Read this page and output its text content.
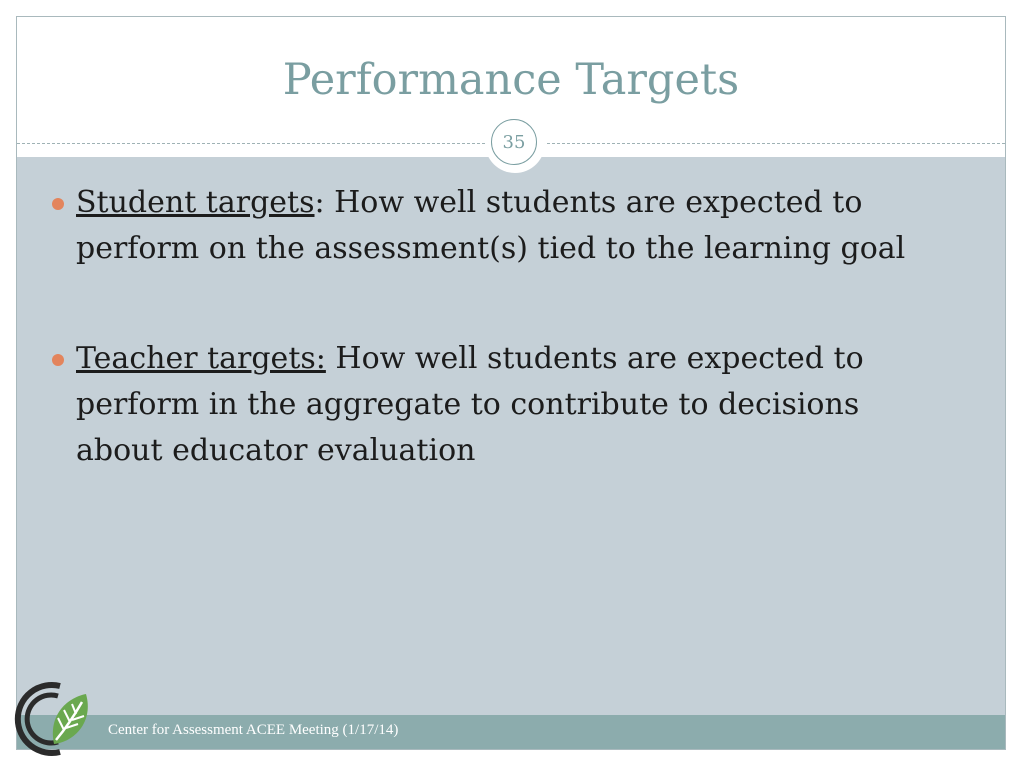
Performance Targets
35
Student targets: How well students are expected to perform on the assessment(s) tied to the learning goal
Teacher targets: How well students are expected to perform in the aggregate to contribute to decisions about educator evaluation
Center for Assessment ACEE Meeting (1/17/14)
